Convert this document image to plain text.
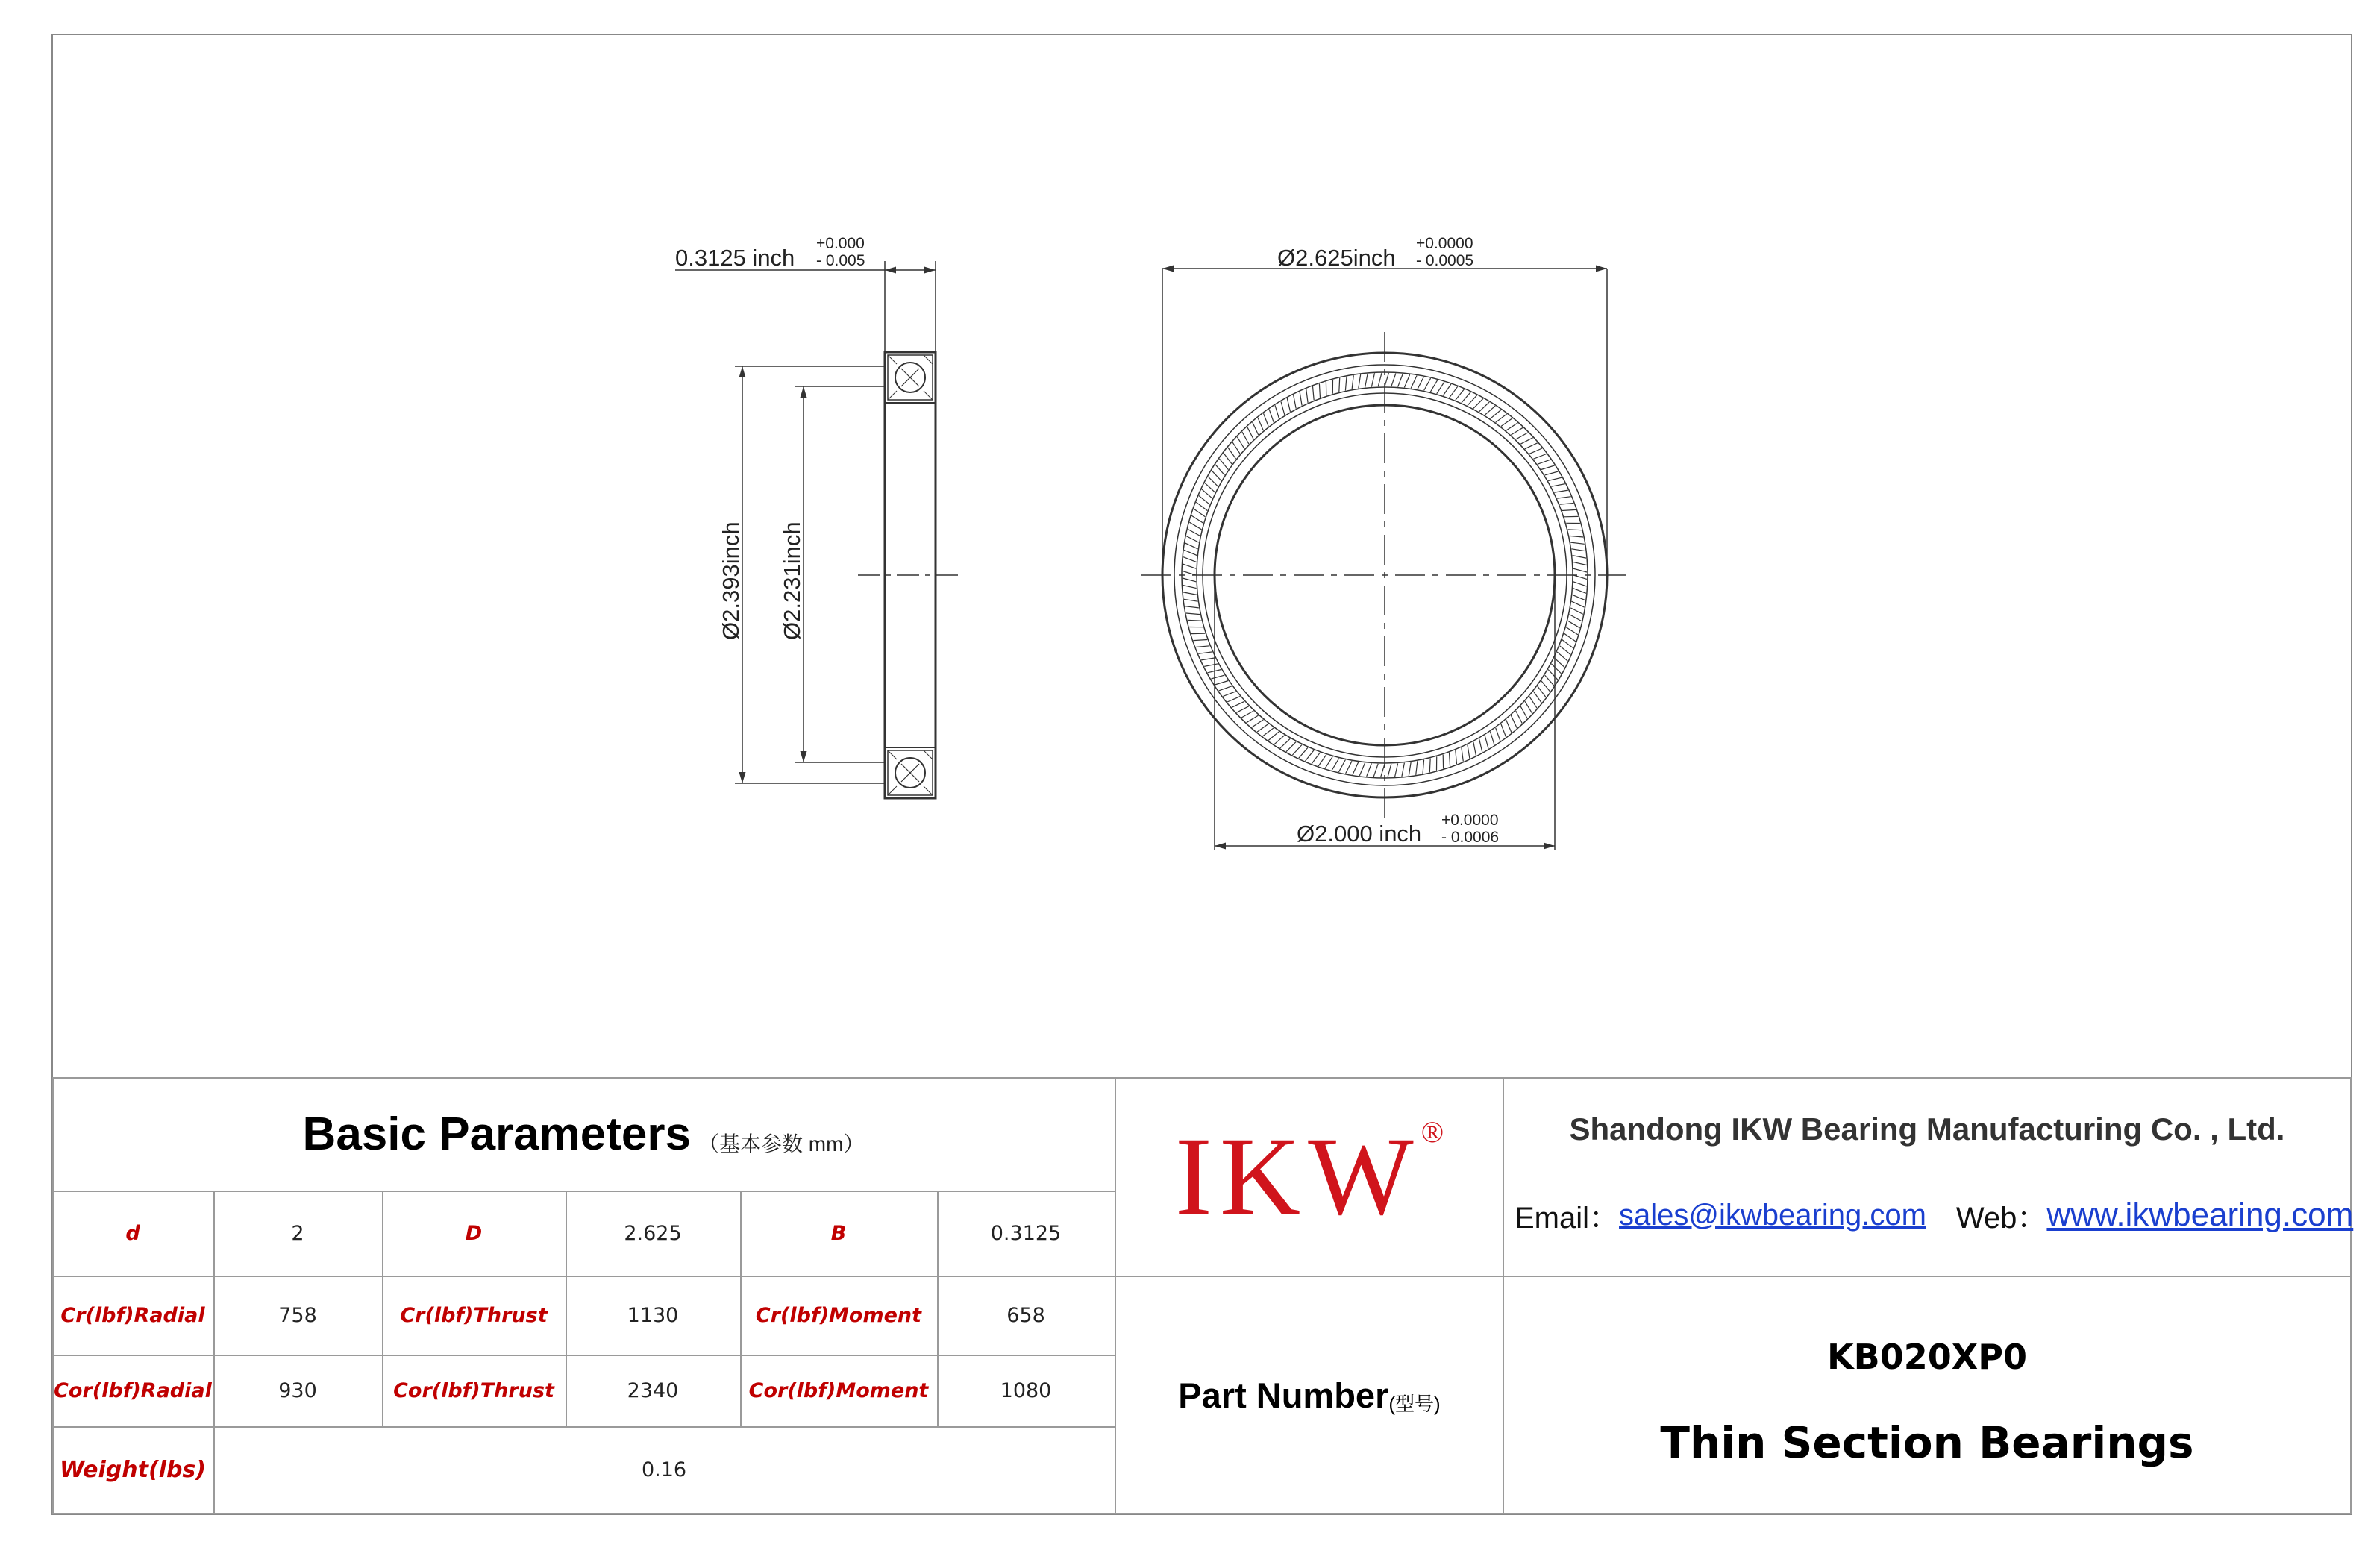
0.3125 inch
+0.000
- 0.005	Ø2.625inch
+0.0000
- 0.0005
Ø2.000 inch
+0.0000
- 0.0006
Ø2.393inch Ø2.231inch
Basic Parameters （基本参数 mm）
d	2	D	2.625	B	0.3125
Cr(lbf)Radial	758	Cr(lbf)Thrust	1130	Cr(lbf)Moment	658
Cor(lbf)Radial	930	Cor(lbf)Thrust	2340	Cor(lbf)Moment	1080
Weight(lbs)	0.16
IKW ®	Shandong IKW Bearing Manufacturing Co. , Ltd.
Email： sales@ikwbearing.com Web： www.ikwbearing.com
Part Number (型号)
KB020XP0
Thin Section Bearings
